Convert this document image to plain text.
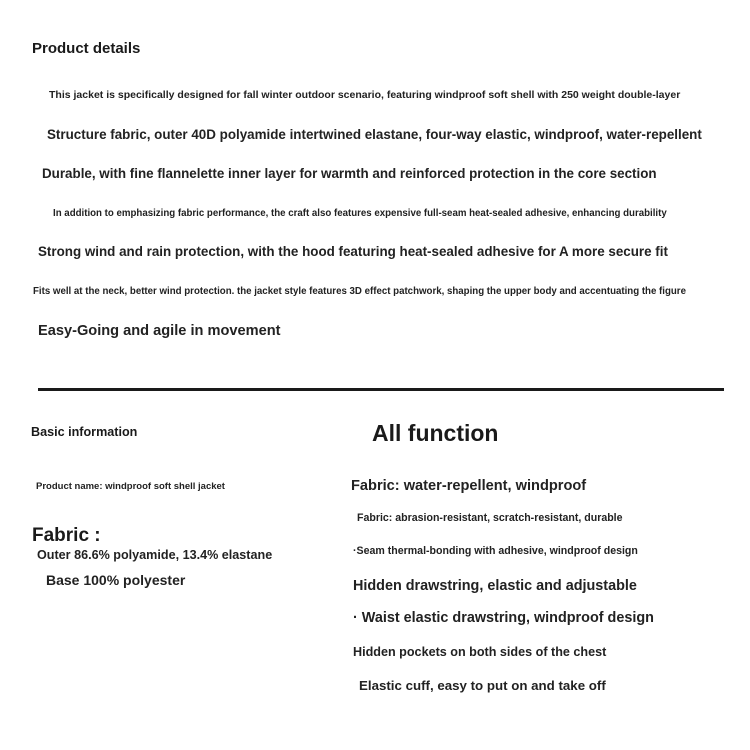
Product details

This jacket is specifically designed for fall winter outdoor scenario, featuring windproof soft shell with 250 weight double-layer

Structure fabric, outer 40D polyamide intertwined elastane, four-way elastic, windproof, water-repellent

Durable, with fine flannelette inner layer for warmth and reinforced protection in the core section

In addition to emphasizing fabric performance, the craft also features expensive full-seam heat-sealed adhesive, enhancing durability

Strong wind and rain protection, with the hood featuring heat-sealed adhesive for A more secure fit

Fits well at the neck, better wind protection. the jacket style features 3D effect patchwork, shaping the upper body and accentuating the figure

Easy-Going and agile in movement

Basic information

Product name: windproof soft shell jacket

Fabric :

Outer 86.6% polyamide, 13.4% elastane

Base 100% polyester

All function

Fabric: water-repellent, windproof

Fabric: abrasion-resistant, scratch-resistant, durable

·Seam thermal-bonding with adhesive, windproof design

Hidden drawstring, elastic and adjustable

· Waist elastic drawstring, windproof design

Hidden pockets on both sides of the chest

Elastic cuff, easy to put on and take off
